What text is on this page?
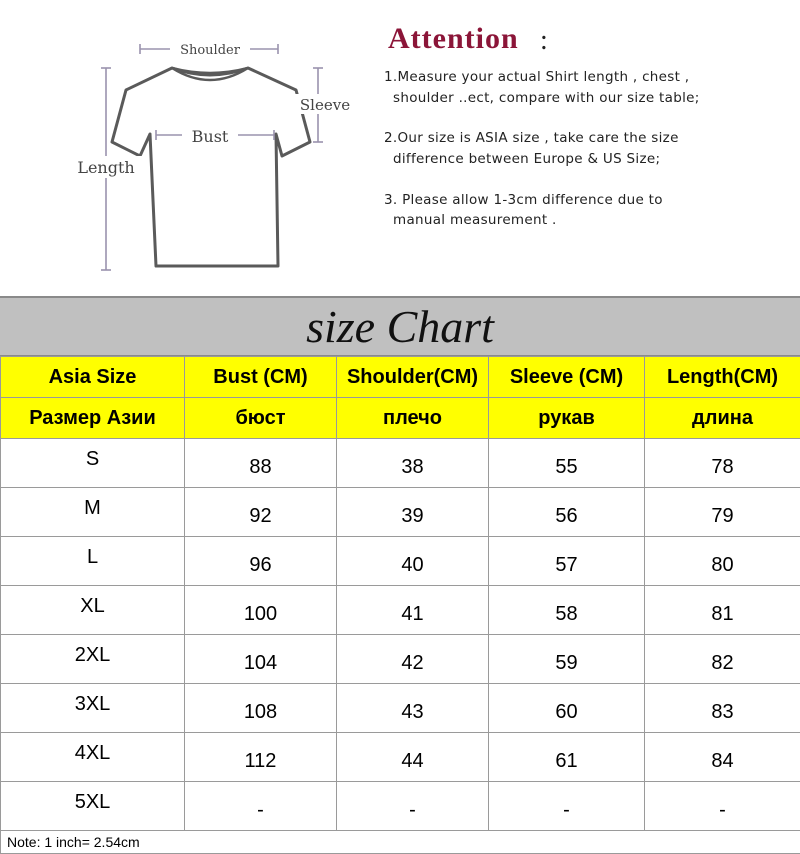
Shoulder
Sleeve
Bust
Length
Attention :
1.Measure your actual Shirt length , chest ,
shoulder ..ect, compare with our size table;
2.Our size is ASIA size , take care the size
difference between Europe & US Size;
3. Please allow 1-3cm difference due to
manual measurement .
size Chart
Asia Size	Bust (CM)	Shoulder(CM)	Sleeve (CM)	Length(CM)
Размер Азии	бюст	плечо	рукав	длина
S	88	38	55	78
M	92	39	56	79
L	96	40	57	80
XL	100	41	58	81
2XL	104	42	59	82
3XL	108	43	60	83
4XL	112	44	61	84
5XL	-	-	-	-
Note: 1 inch= 2.54cm				
